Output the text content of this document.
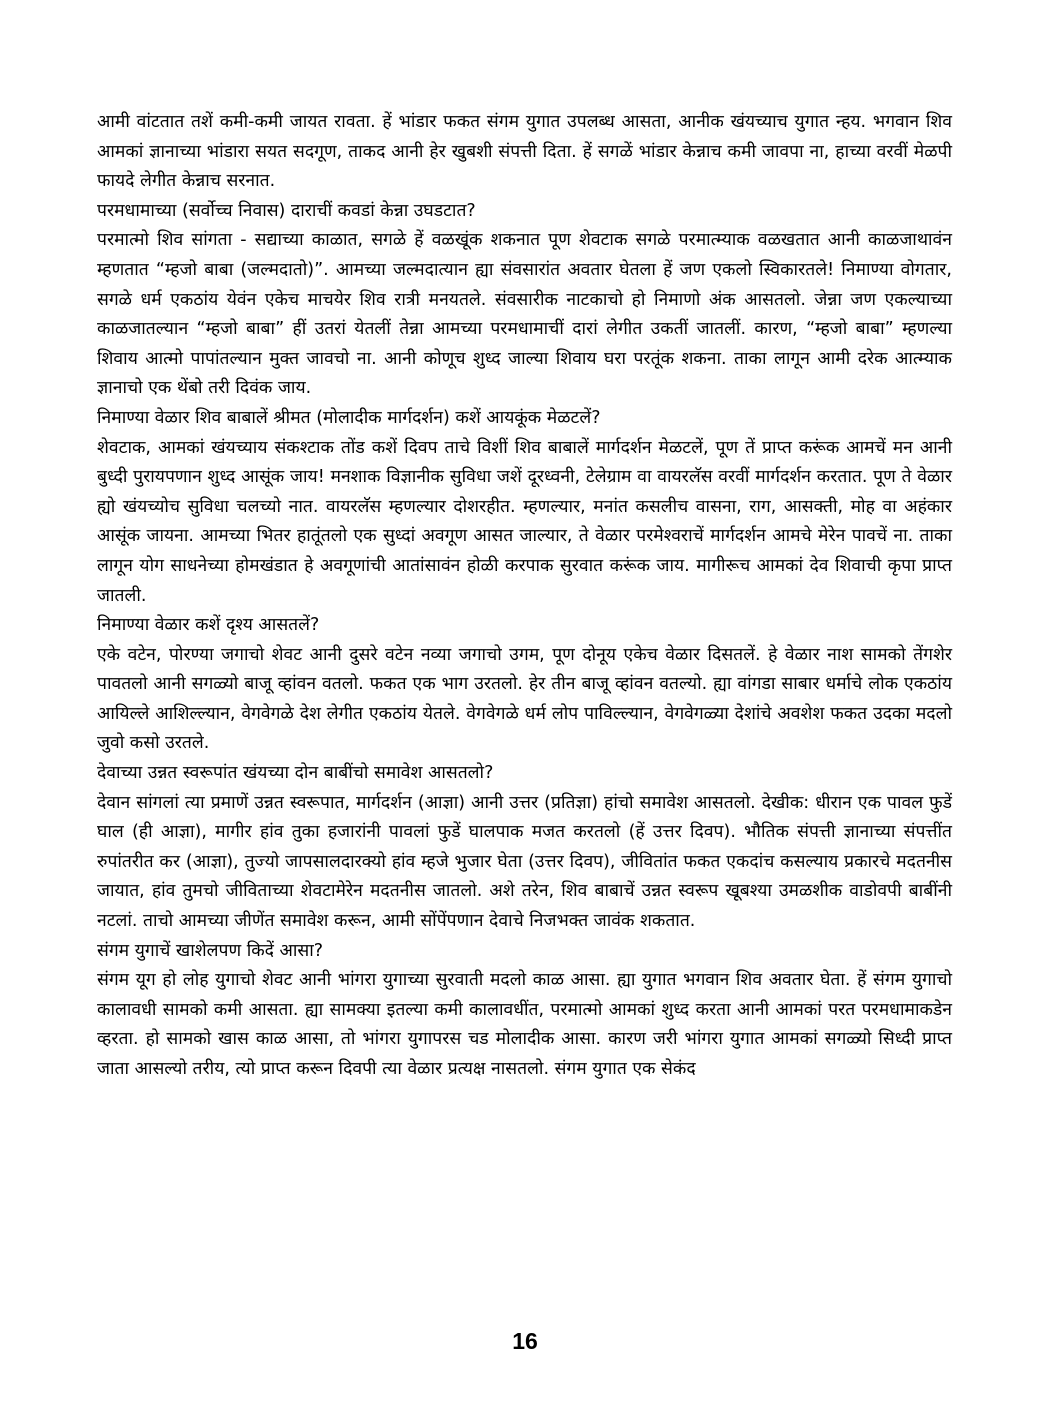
आमी वांटतात तशें कमी-कमी जायत रावता. हें भांडार फकत संगम युगात उपलब्ध आसता, आनीक खंयच्याच युगात न्हय. भगवान शिव आमकां ज्ञानाच्या भांडारा सयत सदगूण, ताकद आनी हेर खुबशी संपत्ती दिता. हें सगळें भांडार केन्नाच कमी जावपा ना, हाच्या वरवीं मेळपी फायदे लेगीत केन्नाच सरनात.

परमधामाच्या (सर्वोच्च निवास) दाराचीं कवडां केन्ना उघडटात?

परमात्मो शिव सांगता - सद्याच्या काळात, सगळे हें वळखूंक शकनात पूण शेवटाक सगळे परमात्म्याक वळखतात आनी काळजाथावंन म्हणतात “म्हजो बाबा (जल्मदातो)”. आमच्या जल्मदात्यान ह्या संवसारांत अवतार घेतला हें जण एकलो स्विकारतले! निमाण्या वोगतार, सगळे धर्म एकठांय येवंन एकेच माचयेर शिव रात्री मनयतले. संवसारीक नाटकाचो हो निमाणो अंक आसतलो. जेन्ना जण एकल्याच्या काळजातल्यान “म्हजो बाबा” हीं उतरां येतलीं तेन्ना आमच्या परमधामाचीं दारां लेगीत उकतीं जातलीं. कारण, “म्हजो बाबा” म्हणल्या शिवाय आत्मो पापांतल्यान मुक्त जावचो ना. आनी कोणूच शुध्द जाल्या शिवाय घरा परतूंक शकना. ताका लागून आमी दरेक आत्म्याक ज्ञानाचो एक थेंबो तरी दिवंक जाय.

निमाण्या वेळार शिव बाबालें श्रीमत (मोलादीक मार्गदर्शन) कशें आयकूंक मेळटलें?

शेवटाक, आमकां खंयच्याय संकश्टाक तोंड कशें दिवप ताचे विशीं शिव बाबालें मार्गदर्शन मेळटलें, पूण तें प्राप्त करूंक आमचें मन आनी बुध्दी पुरायपणान शुध्द आसूंक जाय! मनशाक विज्ञानीक सुविधा जशें दूरध्वनी, टेलेग्राम वा वायरलॅस वरवीं मार्गदर्शन करतात. पूण ते वेळार ह्यो खंयच्योच सुविधा चलच्यो नात. वायरलॅस म्हणल्यार दोशरहीत. म्हणल्यार, मनांत कसलीच वासना, राग, आसक्ती, मोह वा अहंकार आसूंक जायना. आमच्या भितर हातूंतलो एक सुध्दां अवगूण आसत जाल्यार, ते वेळार परमेश्वराचें मार्गदर्शन आमचे मेरेन पावचें ना. ताका लागून योग साधनेच्या होमखंडात हे अवगूणांची आतांसावंन होळी करपाक सुरवात करूंक जाय. मागीरूच आमकां देव शिवाची कृपा प्राप्त जातली.

निमाण्या वेळार कशें दृश्य आसतलें?

एके वटेन, पोरण्या जगाचो शेवट आनी दुसरे वटेन नव्या जगाचो उगम, पूण दोनूय एकेच वेळार दिसतलें. हे वेळार नाश सामको तेंगशेर पावतलो आनी सगळ्यो बाजू व्हांवन वतलो. फकत एक भाग उरतलो. हेर तीन बाजू व्हांवन वतल्यो. ह्या वांगडा साबार धर्माचे लोक एकठांय आयिल्ले आशिल्ल्यान, वेगवेगळे देश लेगीत एकठांय येतले. वेगवेगळे धर्म लोप पाविल्ल्यान, वेगवेगळ्या देशांचे अवशेश फकत उदका मदलो जुवो कसो उरतले.

देवाच्या उन्नत स्वरूपांत खंयच्या दोन बाबींचो समावेश आसतलो?

देवान सांगलां त्या प्रमाणें उन्नत स्वरूपात, मार्गदर्शन (आज्ञा) आनी उत्तर (प्रतिज्ञा) हांचो समावेश आसतलो. देखीक: धीरान एक पावल फुडें घाल (ही आज्ञा), मागीर हांव तुका हजारांनी पावलां फुडें घालपाक मजत करतलो (हें उत्तर दिवप). भौतिक संपत्ती ज्ञानाच्या संपत्तींत रुपांतरीत कर (आज्ञा), तुज्यो जापसालदारक्यो हांव म्हजे भुजार घेता (उत्तर दिवप), जीवितांत फकत एकदांच कसल्याय प्रकारचे मदतनीस जायात, हांव तुमचो जीविताच्या शेवटामेरेन मदतनीस जातलो. अशे तरेन, शिव बाबाचें उन्नत स्वरूप खूबश्या उमळशीक वाडोवपी बाबींनी नटलां. ताचो आमच्या जीणेंत समावेश करून, आमी सोंपेंपणान देवाचे निजभक्त जावंक शकतात.

संगम युगाचें खाशेलपण किदें आसा?

संगम यूग हो लोह युगाचो शेवट आनी भांगरा युगाच्या सुरवाती मदलो काळ आसा. ह्या युगात भगवान शिव अवतार घेता. हें संगम युगाचो कालावधी सामको कमी आसता. ह्या सामक्या इतल्या कमी कालावधींत, परमात्मो आमकां शुध्द करता आनी आमकां परत परमधामाकडेन व्हरता. हो सामको खास काळ आसा, तो भांगरा युगापरस चड मोलादीक आसा. कारण जरी भांगरा युगात आमकां सगळ्यो सिध्दी प्राप्त जाता आसल्यो तरीय, त्यो प्राप्त करून दिवपी त्या वेळार प्रत्यक्ष नासतलो. संगम युगात एक सेकंद

16
